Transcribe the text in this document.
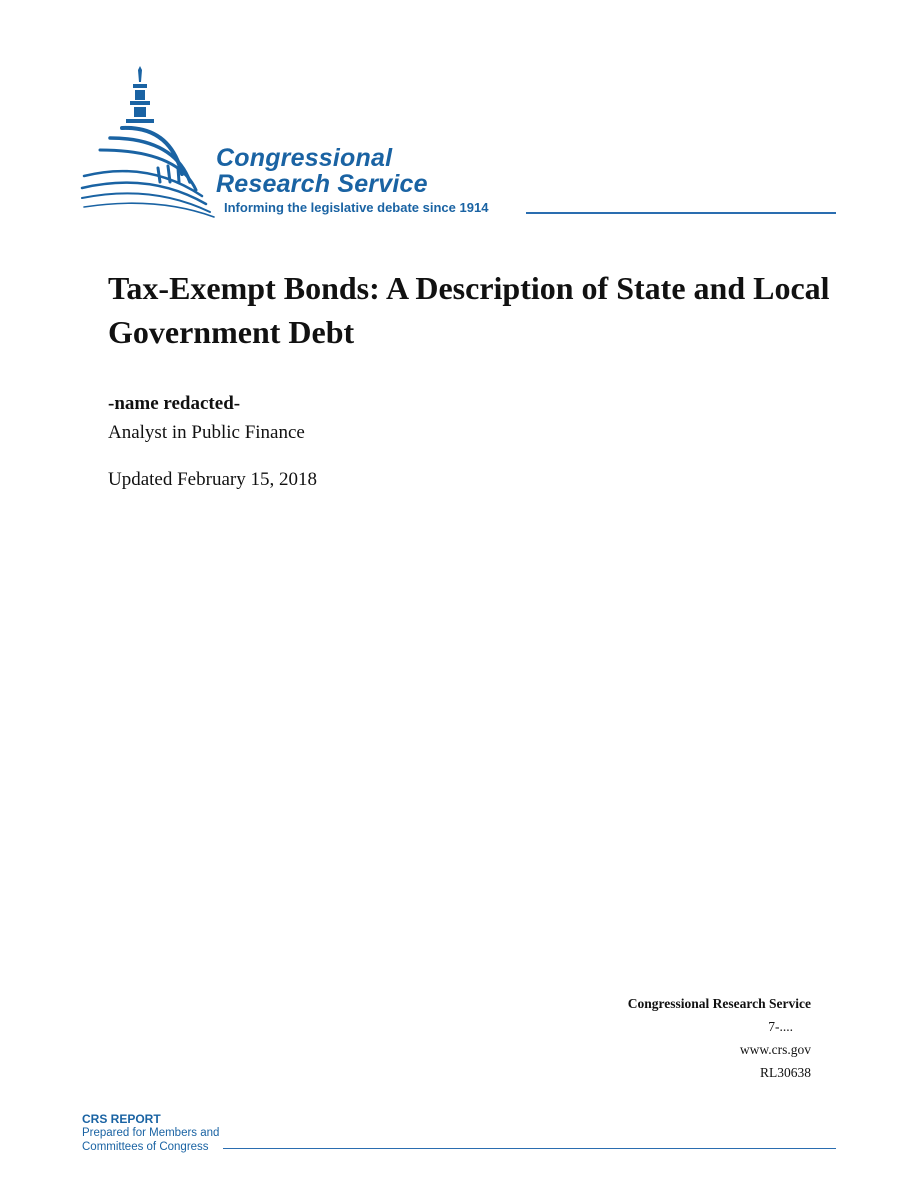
Congressional
Research Service
Informing the legislative debate since 1914
Tax-Exempt Bonds: A Description of State and Local Government Debt
-name redacted-
Analyst in Public Finance
Updated February 15, 2018
Congressional Research Service
7-....
www.crs.gov
RL30638
CRS REPORT
Prepared for Members and
Committees of Congress
